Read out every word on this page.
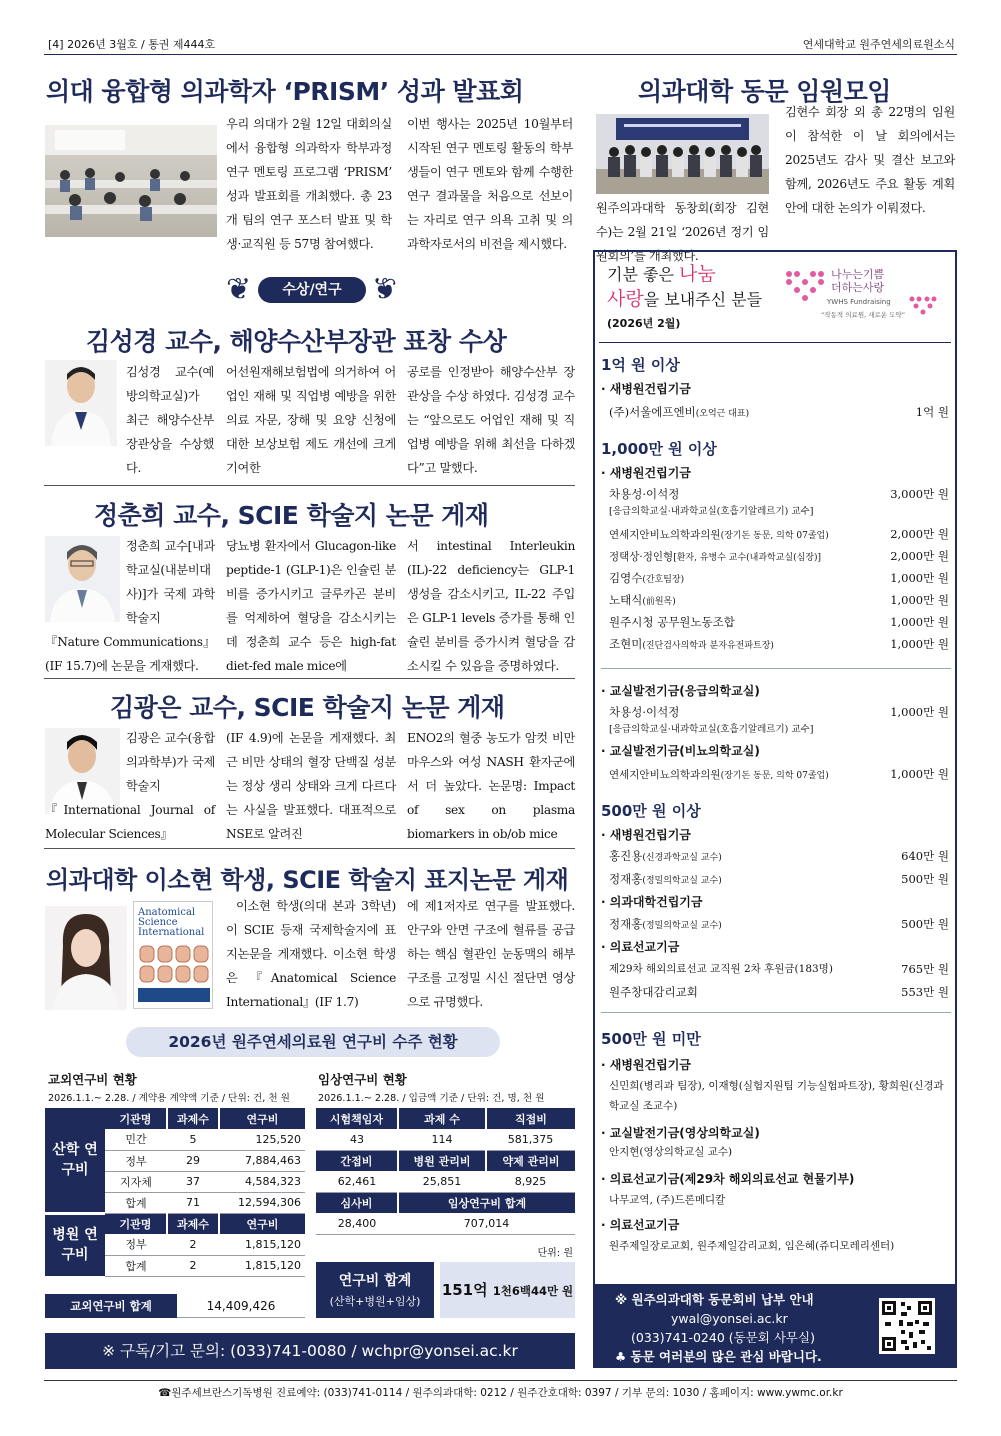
[4] 2026년 3월호 / 통권 제444호	연세대학교 원주연세의료원소식
의대 융합형 의과학자 ‘PRISM’ 성과 발표회
우리 의대가 2월 12일 대회의실에서 융합형 의과학자 학부과정 연구 멘토링 프로그램 ‘PRISM’ 성과 발표회를 개최했다. 총 23개 팀의 연구 포스터 발표 및 학생·교직원 등 57명 참여했다.
이번 행사는 2025년 10월부터 시작된 연구 멘토링 활동의 학부생들이 연구 멘토와 함께 수행한 연구 결과물을 처음으로 선보이는 자리로 연구 의욕 고취 및 의과학자로서의 비전을 제시했다.
의과대학 동문 임원모임
원주의과대학 동창회(회장 김현수)는 2월 21일 ‘2026년 정기 임원회의’를 개최했다.
김현수 회장 외 총 22명의 임원이 참석한 이 날 회의에서는 2025년도 감사 및 결산 보고와 함께, 2026년도 주요 활동 계획안에 대한 논의가 이뤄졌다.
❦	수상/연구	❦
김성경 교수, 해양수산부장관 표창 수상
김성경 교수(예방의학교실)가 최근 해양수산부 장관상을 수상했다.
어선원재해보험법에 의거하여 어업인 재해 및 직업병 예방을 위한 의료 자문, 장해 및 요양 신청에 대한 보상보험 제도 개선에 크게 기여한
공로를 인정받아 해양수산부 장관상을 수상 하였다. 김성경 교수는 “앞으로도 어업인 재해 및 직업병 예방을 위해 최선을 다하겠다”고 말했다.
정춘희 교수, SCIE 학술지 논문 게재
정춘희 교수[내과학교실(내분비대사)]가 국제 과학 학술지 『Nature Communications』(IF 15.7)에 논문을 게재했다.
당뇨병 환자에서 Glucagon-like peptide-1 (GLP-1)은 인슐린 분비를 증가시키고 글루카곤 분비를 억제하여 혈당을 감소시키는데 정춘희 교수 등은 high-fat diet-fed male mice에
서 intestinal Interleukin (IL)-22 deficiency는 GLP-1 생성을 감소시키고, IL-22 주입은 GLP-1 levels 증가를 통해 인슐린 분비를 증가시켜 혈당을 감소시킬 수 있음을 증명하였다.
김광은 교수, SCIE 학술지 논문 게재
김광은 교수(융합의과학부)가 국제 학술지 『International Journal of Molecular Sciences』
(IF 4.9)에 논문을 게재했다. 최근 비만 상태의 혈장 단백질 성분는 정상 생리 상태와 크게 다르다는 사실을 발표했다. 대표적으로 NSE로 알려진
ENO2의 혈중 농도가 암컷 비만 마우스와 여성 NASH 환자군에서 더 높았다. 논문명: Impact of sex on plasma biomarkers in ob/ob mice
의과대학 이소현 학생, SCIE 학술지 표지논문 게재
Anatomical
Science
International
이소현 학생(의대 본과 3학년)이 SCIE 등재 국제학술지에 표지논문을 게재했다. 이소현 학생은 『Anatomical Science International』(IF 1.7)
에 제1저자로 연구를 발표했다. 안구와 안면 구조에 혈류를 공급하는 핵심 혈관인 눈동맥의 해부구조를 고정밀 시신 절단면 영상으로 규명했다.
2026년 원주연세의료원 연구비 수주 현황
교외연구비 현황
2026.1.1.~ 2.28. / 계약용 계약액 기준 / 단위: 건, 천 원
산학 연구비	기관명	과제수	연구비
	민간	5	125,520
	정부	29	7,884,463
	지자체	37	4,584,323
	합계	71	12,594,306
병원 연구비	기관명	과제수	연구비
	정부	2	1,815,120
	합계	2	1,815,120
교외연구비 합계	14,409,426
임상연구비 현황
2026.1.1.~ 2.28. / 입금액 기준 / 단위: 건, 명, 천 원
시험책임자	과제 수	직접비
43	114	581,375
간접비	병원 관리비	약제 관리비
62,461	25,851	8,925
심사비	임상연구비 합계	
28,400	707,014	
단위: 원
연구비 합계
(산학+병원+임상)
151억 1천6백44만 원
※ 구독/기고 문의: (033)741-0080 / wchpr@yonsei.ac.kr
기분 좋은 나눔
사랑을 보내주신 분들
(2026년 2월)
나누는기쁨
더하는사랑
YWHS Fundraising
“작동적 의료원, 새로운 도약”
1억 원 이상
· 새병원건립기금
(주)서울에프엔비(오억근 대표)	1억 원
1,000만 원 이상
· 새병원건립기금
차용성·이석정	3,000만 원
[응급의학교실·내과학교실(호흡기알레르기) 교수]
연세지안비뇨의학과의원(장기돈 동문, 의학 07졸업)	2,000만 원
정택상·정인형[환자, 유병수 교수(내과학교실(심장)]	2,000만 원
김영수(간호팀장)	1,000만 원
노태식(前원목)	1,000만 원
원주시청 공무원노동조합	1,000만 원
조현미(진단검사의학과 분자유전파트장)	1,000만 원
· 교실발전기금(응급의학교실)
차용성·이석정	1,000만 원
[응급의학교실·내과학교실(호흡기알레르기) 교수]
· 교실발전기금(비뇨의학교실)
연세지안비뇨의학과의원(장기돈 동문, 의학 07졸업)	1,000만 원
500만 원 이상
· 새병원건립기금
홍진용(신경과학교실 교수)	640만 원
정재홍(정밀의학교실 교수)	500만 원
· 의과대학건립기금
정재홍(정밀의학교실 교수)	500만 원
· 의료선교기금
제29차 해외의료선교 교직원 2차 후원금(183명)	765만 원
원주창대감리교회	553만 원
500만 원 미만
· 새병원건립기금
신민희(병리과 팀장), 이재형(실험지원팀 기능실험파트장), 황희원(신경과학교실 조교수)
· 교실발전기금(영상의학교실)
안지현(영상의학교실 교수)
· 의료선교기금(제29차 해외의료선교 현물기부)
나무교역, (주)드론메디칼
· 의료선교기금
원주제일장로교회, 원주제일감리교회, 임은혜(쥬디모레리센터)
※ 원주의과대학 동문회비 납부 안내
ywal@yonsei.ac.kr
(033)741-0240 (동문회 사무실)
♣ 동문 여러분의 많은 관심 바랍니다.
☎원주세브란스기독병원 진료예약: (033)741-0114 / 원주의과대학: 0212 / 원주간호대학: 0397 / 기부 문의: 1030 / 홈페이지: www.ywmc.or.kr
